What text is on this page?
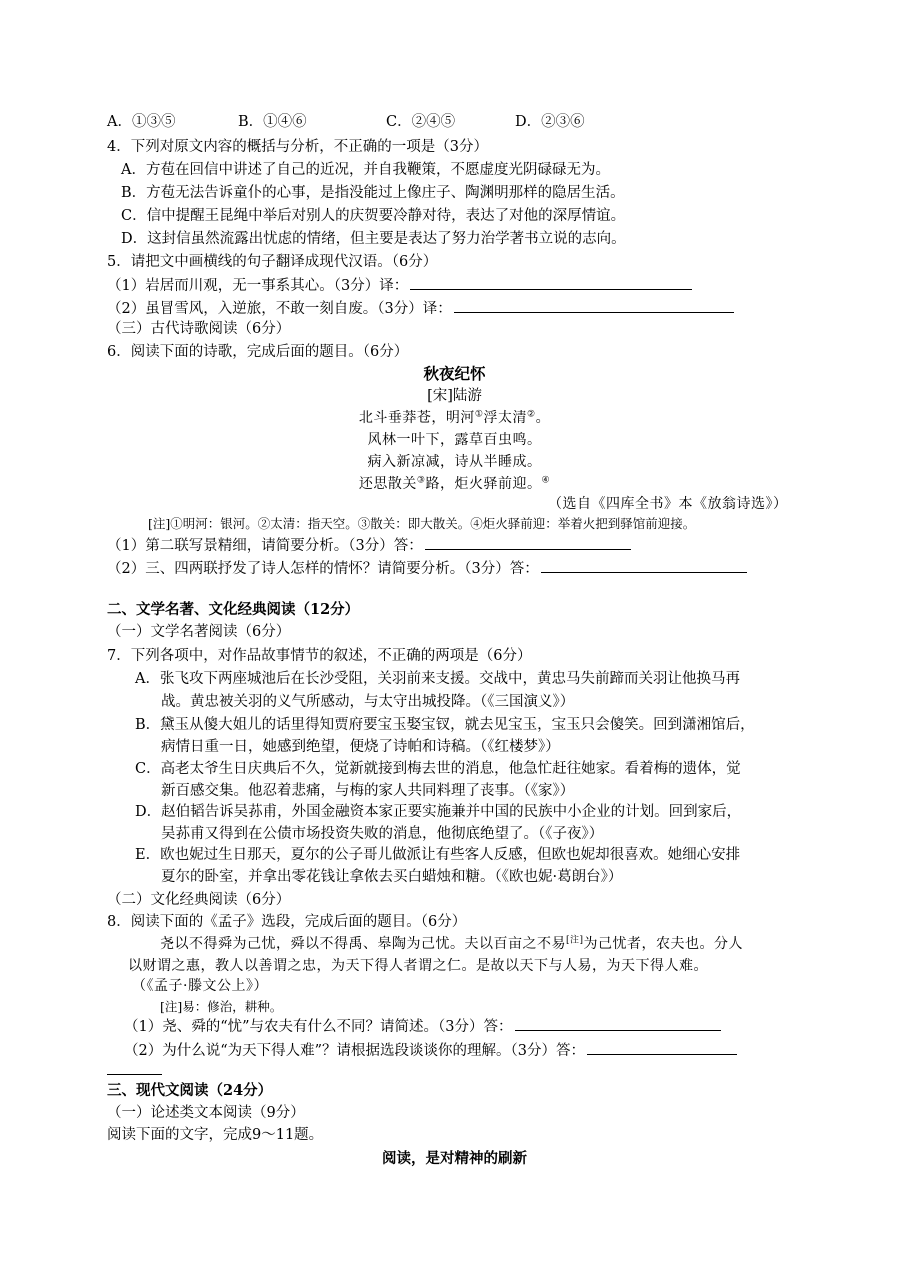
A．①③⑤	B．①④⑥	C．②④⑤	D．②③⑥
4．下列对原文内容的概括与分析，不正确的一项是（3分）
A．方苞在回信中讲述了自己的近况，并自我鞭策，不愿虚度光阴碌碌无为。
B．方苞无法告诉童仆的心事，是指没能过上像庄子、陶渊明那样的隐居生活。
C．信中提醒王昆绳中举后对别人的庆贺要冷静对待，表达了对他的深厚情谊。
D．这封信虽然流露出忧虑的情绪，但主要是表达了努力治学著书立说的志向。
5．请把文中画横线的句子翻译成现代汉语。（6分）
（1）岩居而川观，无一事系其心。（3分）译：
（2）虽冒雪风，入逆旅，不敢一刻自废。（3分）译：
（三）古代诗歌阅读（6分）
6．阅读下面的诗歌，完成后面的题目。（6分）
秋夜纪怀
[宋]陆游
北斗垂莽苍，明河①浮太清②。
风林一叶下，露草百虫鸣。
病入新凉减，诗从半睡成。
还思散关③路，炬火驿前迎。④
（选自《四库全书》本《放翁诗选》）
[注]①明河：银河。②太清：指天空。③散关：即大散关。④炬火驿前迎：举着火把到驿馆前迎接。
（1）第二联写景精细，请简要分析。（3分）答：
（2）三、四两联抒发了诗人怎样的情怀？请简要分析。（3分）答：
二、文学名著、文化经典阅读（12分）
（一）文学名著阅读（6分）
7．下列各项中，对作品故事情节的叙述，不正确的两项是（6分）
A．张飞攻下两座城池后在长沙受阻，关羽前来支援。交战中，黄忠马失前蹄而关羽让他换马再
战。黄忠被关羽的义气所感动，与太守出城投降。（《三国演义》）
B．黛玉从傻大姐儿的话里得知贾府要宝玉娶宝钗，就去见宝玉，宝玉只会傻笑。回到潇湘馆后，
病情日重一日，她感到绝望，便烧了诗帕和诗稿。（《红楼梦》）
C．高老太爷生日庆典后不久，觉新就接到梅去世的消息，他急忙赶往她家。看着梅的遗体，觉
新百感交集。他忍着悲痛，与梅的家人共同料理了丧事。（《家》）
D．赵伯韬告诉吴荪甫，外国金融资本家正要实施兼并中国的民族中小企业的计划。回到家后，
吴荪甫又得到在公债市场投资失败的消息，他彻底绝望了。（《子夜》）
E．欧也妮过生日那天，夏尔的公子哥儿做派让有些客人反感，但欧也妮却很喜欢。她细心安排
夏尔的卧室，并拿出零花钱让拿侬去买白蜡烛和糖。（《欧也妮·葛朗台》）
（二）文化经典阅读（6分）
8．阅读下面的《孟子》选段，完成后面的题目。（6分）
尧以不得舜为己忧，舜以不得禹、皋陶为己忧。夫以百亩之不易[注]为己忧者，农夫也。分人
以财谓之惠，教人以善谓之忠，为天下得人者谓之仁。是故以天下与人易，为天下得人难。
（《孟子·滕文公上》）
[注]易：修治，耕种。
（1）尧、舜的“忧”与农夫有什么不同？请简述。（3分）答：
（2）为什么说“为天下得人难”？请根据选段谈谈你的理解。（3分）答：
三、现代文阅读（24分）
（一）论述类文本阅读（9分）
阅读下面的文字，完成9～11题。
阅读，是对精神的刷新
